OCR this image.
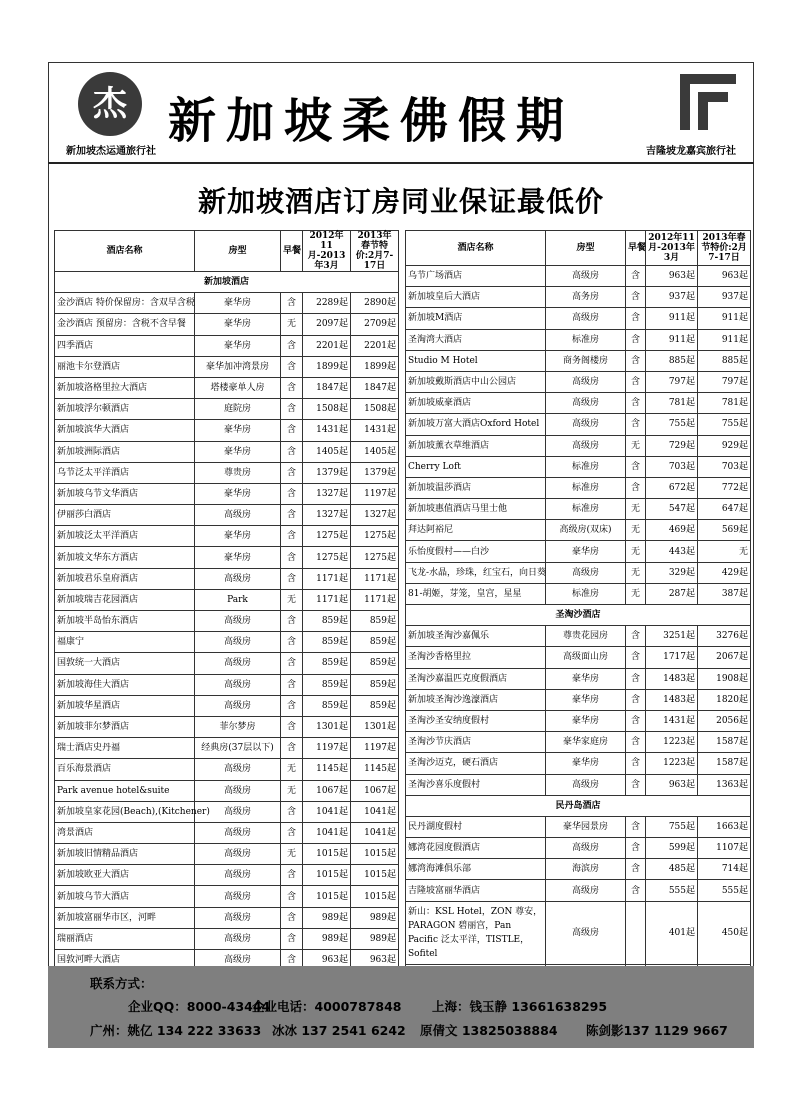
杰
新加坡杰运通旅行社
新加坡柔佛假期
吉隆坡龙嘉宾旅行社
新加坡酒店订房同业保证最低价
酒店名称	房型	早餐	2012年11月-2013年3月	2013年春节特价:2月7-17日
新加坡酒店				
金沙酒店 特价保留房：含双早含税	豪华房	含	2289起	2890起
金沙酒店 预留房：含税不含早餐	豪华房	无	2097起	2709起
四季酒店	豪华房	含	2201起	2201起
丽池卡尔登酒店	豪华加冲湾景房	含	1899起	1899起
新加坡洛格里拉大酒店	塔楼豪单人房	含	1847起	1847起
新加坡浮尔顿酒店	庭院房	含	1508起	1508起
新加坡滨华大酒店	豪华房	含	1431起	1431起
新加坡洲际酒店	豪华房	含	1405起	1405起
乌节泛太平洋酒店	尊贵房	含	1379起	1379起
新加坡乌节文华酒店	豪华房	含	1327起	1197起
伊丽莎白酒店	高级房	含	1327起	1327起
新加坡泛太平洋酒店	豪华房	含	1275起	1275起
新加坡文华东方酒店	豪华房	含	1275起	1275起
新加坡君乐皇府酒店	高级房	含	1171起	1171起
新加坡瑞吉花园酒店	Park	无	1171起	1171起
新加坡半岛怡东酒店	高级房	含	859起	859起
福康宁	高级房	含	859起	859起
国敦统一大酒店	高级房	含	859起	859起
新加坡海佳大酒店	高级房	含	859起	859起
新加坡华星酒店	高级房	含	859起	859起
新加坡菲尔梦酒店	菲尔梦房	含	1301起	1301起
瑞士酒店史丹福	经典房(37层以下)	含	1197起	1197起
百乐海景酒店	高级房	无	1145起	1145起
Park avenue hotel&suite	高级房	无	1067起	1067起
新加坡皇家花园(Beach),(Kitchener)	高级房	含	1041起	1041起
湾景酒店	高级房	含	1041起	1041起
新加坡旧情精品酒店	高级房	无	1015起	1015起
新加坡欧亚大酒店	高级房	含	1015起	1015起
新加坡乌节大酒店	高级房	含	1015起	1015起
新加坡富丽华市区，河畔	高级房	含	989起	989起
瑞丽酒店	高级房	含	989起	989起
国敦河畔大酒店	高级房	含	963起	963起
酒店名称	房型	早餐	2012年11月-2013年3月	2013年春节特价:2月7-17日
乌节广场酒店	高级房	含	963起	963起
新加坡皇后大酒店	高务房	含	937起	937起
新加坡M酒店	高级房	含	911起	911起
圣淘湾大酒店	标准房	含	911起	911起
Studio M Hotel	商务阁楼房	含	885起	885起
新加坡戴斯酒店中山公园店	高级房	含	797起	797起
新加坡威豪酒店	高级房	含	781起	781起
新加坡万富大酒店Oxford Hotel	高级房	含	755起	755起
新加坡薰衣草维酒店	高级房	无	729起	929起
Cherry Loft	标准房	含	703起	703起
新加坡温莎酒店	标准房	含	672起	772起
新加坡惠值酒店马里士他	标准房	无	547起	647起
拜达阿裕尼	高级房(双床)	无	469起	569起
乐怡度假村——白沙	豪华房	无	443起	无
飞龙-水晶，珍珠，红宝石，向日葵	高级房	无	329起	429起
81-胡姬，芽笼，皇宫，星星	标准房	无	287起	387起
圣淘沙酒店				
新加坡圣淘沙嘉佩乐	尊贵花园房	含	3251起	3276起
圣淘沙香格里拉	高级面山房	含	1717起	2067起
圣淘沙嘉温匹克度假酒店	豪华房	含	1483起	1908起
新加坡圣淘沙逸濠酒店	豪华房	含	1483起	1820起
圣淘沙圣安纳度假村	豪华房	含	1431起	2056起
圣淘沙节庆酒店	豪华家庭房	含	1223起	1587起
圣淘沙迈克，硬石酒店	豪华房	含	1223起	1587起
圣淘沙喜乐度假村	高级房	含	963起	1363起
民丹岛酒店				
民丹湖度假村	豪华园景房	含	755起	1663起
娜湾花园度假酒店	高级房	含	599起	1107起
娜湾海滩俱乐部	海滨房	含	485起	714起
吉隆坡富丽华酒店	高级房	含	555起	555起
新山：KSL Hotel，ZON 尊安，PARAGON 碧丽宫，Pan Pacific 泛太平洋，TISTLE，Sofitel	高级房		401起	450起

联系方式：
企业QQ：8000-43444
企业电话：4000787848 上海：钱玉静 13661638295
广州：姚亿 134 222 33633 冰冰 137 2541 6242 原倩文 13825038884 陈剑影137 1129 9667
